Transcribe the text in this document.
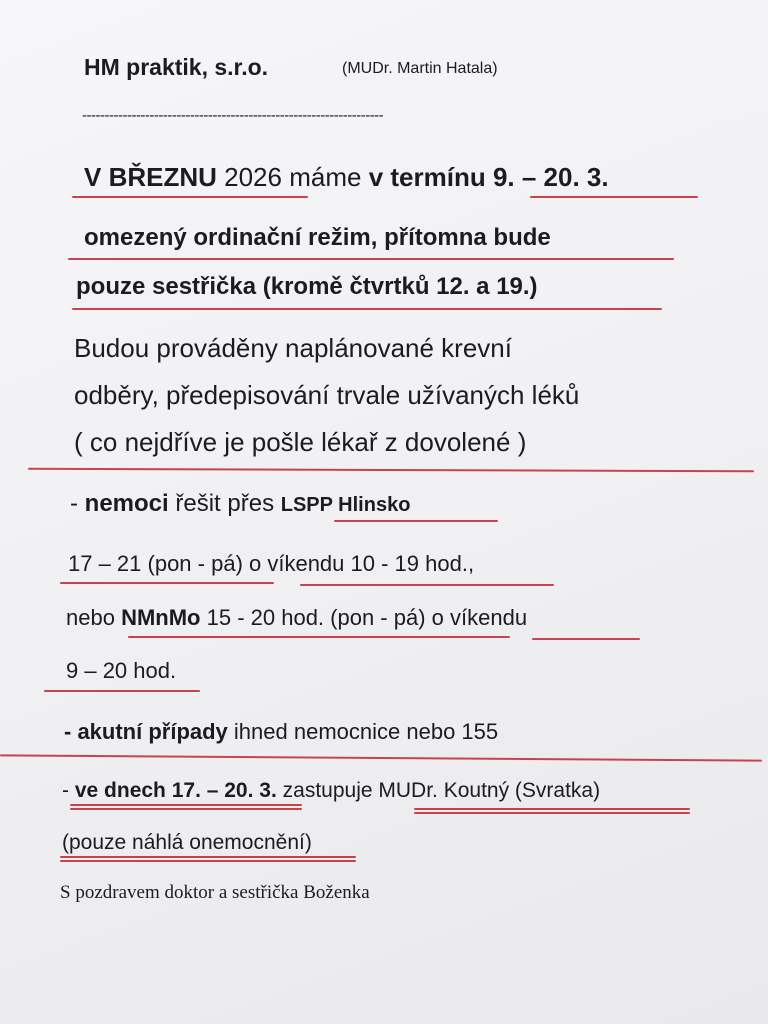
HM praktik, s.r.o.	(MUDr. Martin Hatala)
-------------------------------------------------------------------
V BŘEZNU 2026 máme v termínu 9. – 20. 3.
omezený ordinační režim, přítomna bude
pouze sestřička (kromě čtvrtků 12. a 19.)
Budou prováděny naplánované krevní
odběry, předepisování trvale užívaných léků
( co nejdříve je pošle lékař z dovolené )
- nemoci řešit přes LSPP Hlinsko
17 – 21 (pon - pá) o víkendu 10 - 19 hod.,
nebo NMnMo 15 - 20 hod. (pon - pá) o víkendu
9 – 20 hod.
- akutní případy ihned nemocnice nebo 155
- ve dnech 17. – 20. 3. zastupuje MUDr. Koutný (Svratka)
(pouze náhlá onemocnění)
S pozdravem doktor a sestřička Boženka
